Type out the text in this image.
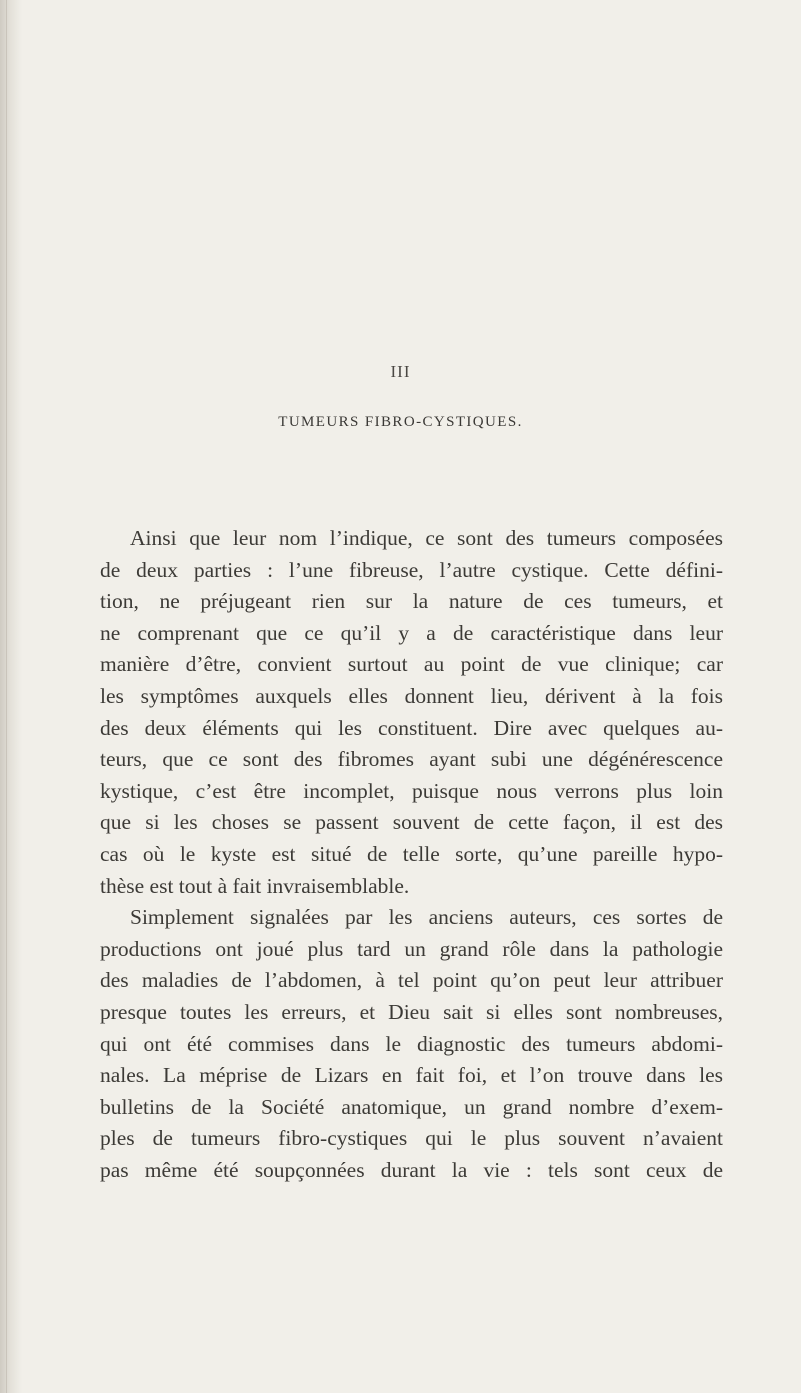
III
TUMEURS FIBRO-CYSTIQUES.
Ainsi que leur nom l’indique, ce sont des tumeurs composées
de deux parties : l’une fibreuse, l’autre cystique. Cette défini-
tion, ne préjugeant rien sur la nature de ces tumeurs, et
ne comprenant que ce qu’il y a de caractéristique dans leur
manière d’être, convient surtout au point de vue clinique; car
les symptômes auxquels elles donnent lieu, dérivent à la fois
des deux éléments qui les constituent. Dire avec quelques au-
teurs, que ce sont des fibromes ayant subi une dégénérescence
kystique, c’est être incomplet, puisque nous verrons plus loin
que si les choses se passent souvent de cette façon, il est des
cas où le kyste est situé de telle sorte, qu’une pareille hypo-
thèse est tout à fait invraisemblable.
Simplement signalées par les anciens auteurs, ces sortes de
productions ont joué plus tard un grand rôle dans la pathologie
des maladies de l’abdomen, à tel point qu’on peut leur attribuer
presque toutes les erreurs, et Dieu sait si elles sont nombreuses,
qui ont été commises dans le diagnostic des tumeurs abdomi-
nales. La méprise de Lizars en fait foi, et l’on trouve dans les
bulletins de la Société anatomique, un grand nombre d’exem-
ples de tumeurs fibro-cystiques qui le plus souvent n’avaient
pas même été soupçonnées durant la vie : tels sont ceux de
